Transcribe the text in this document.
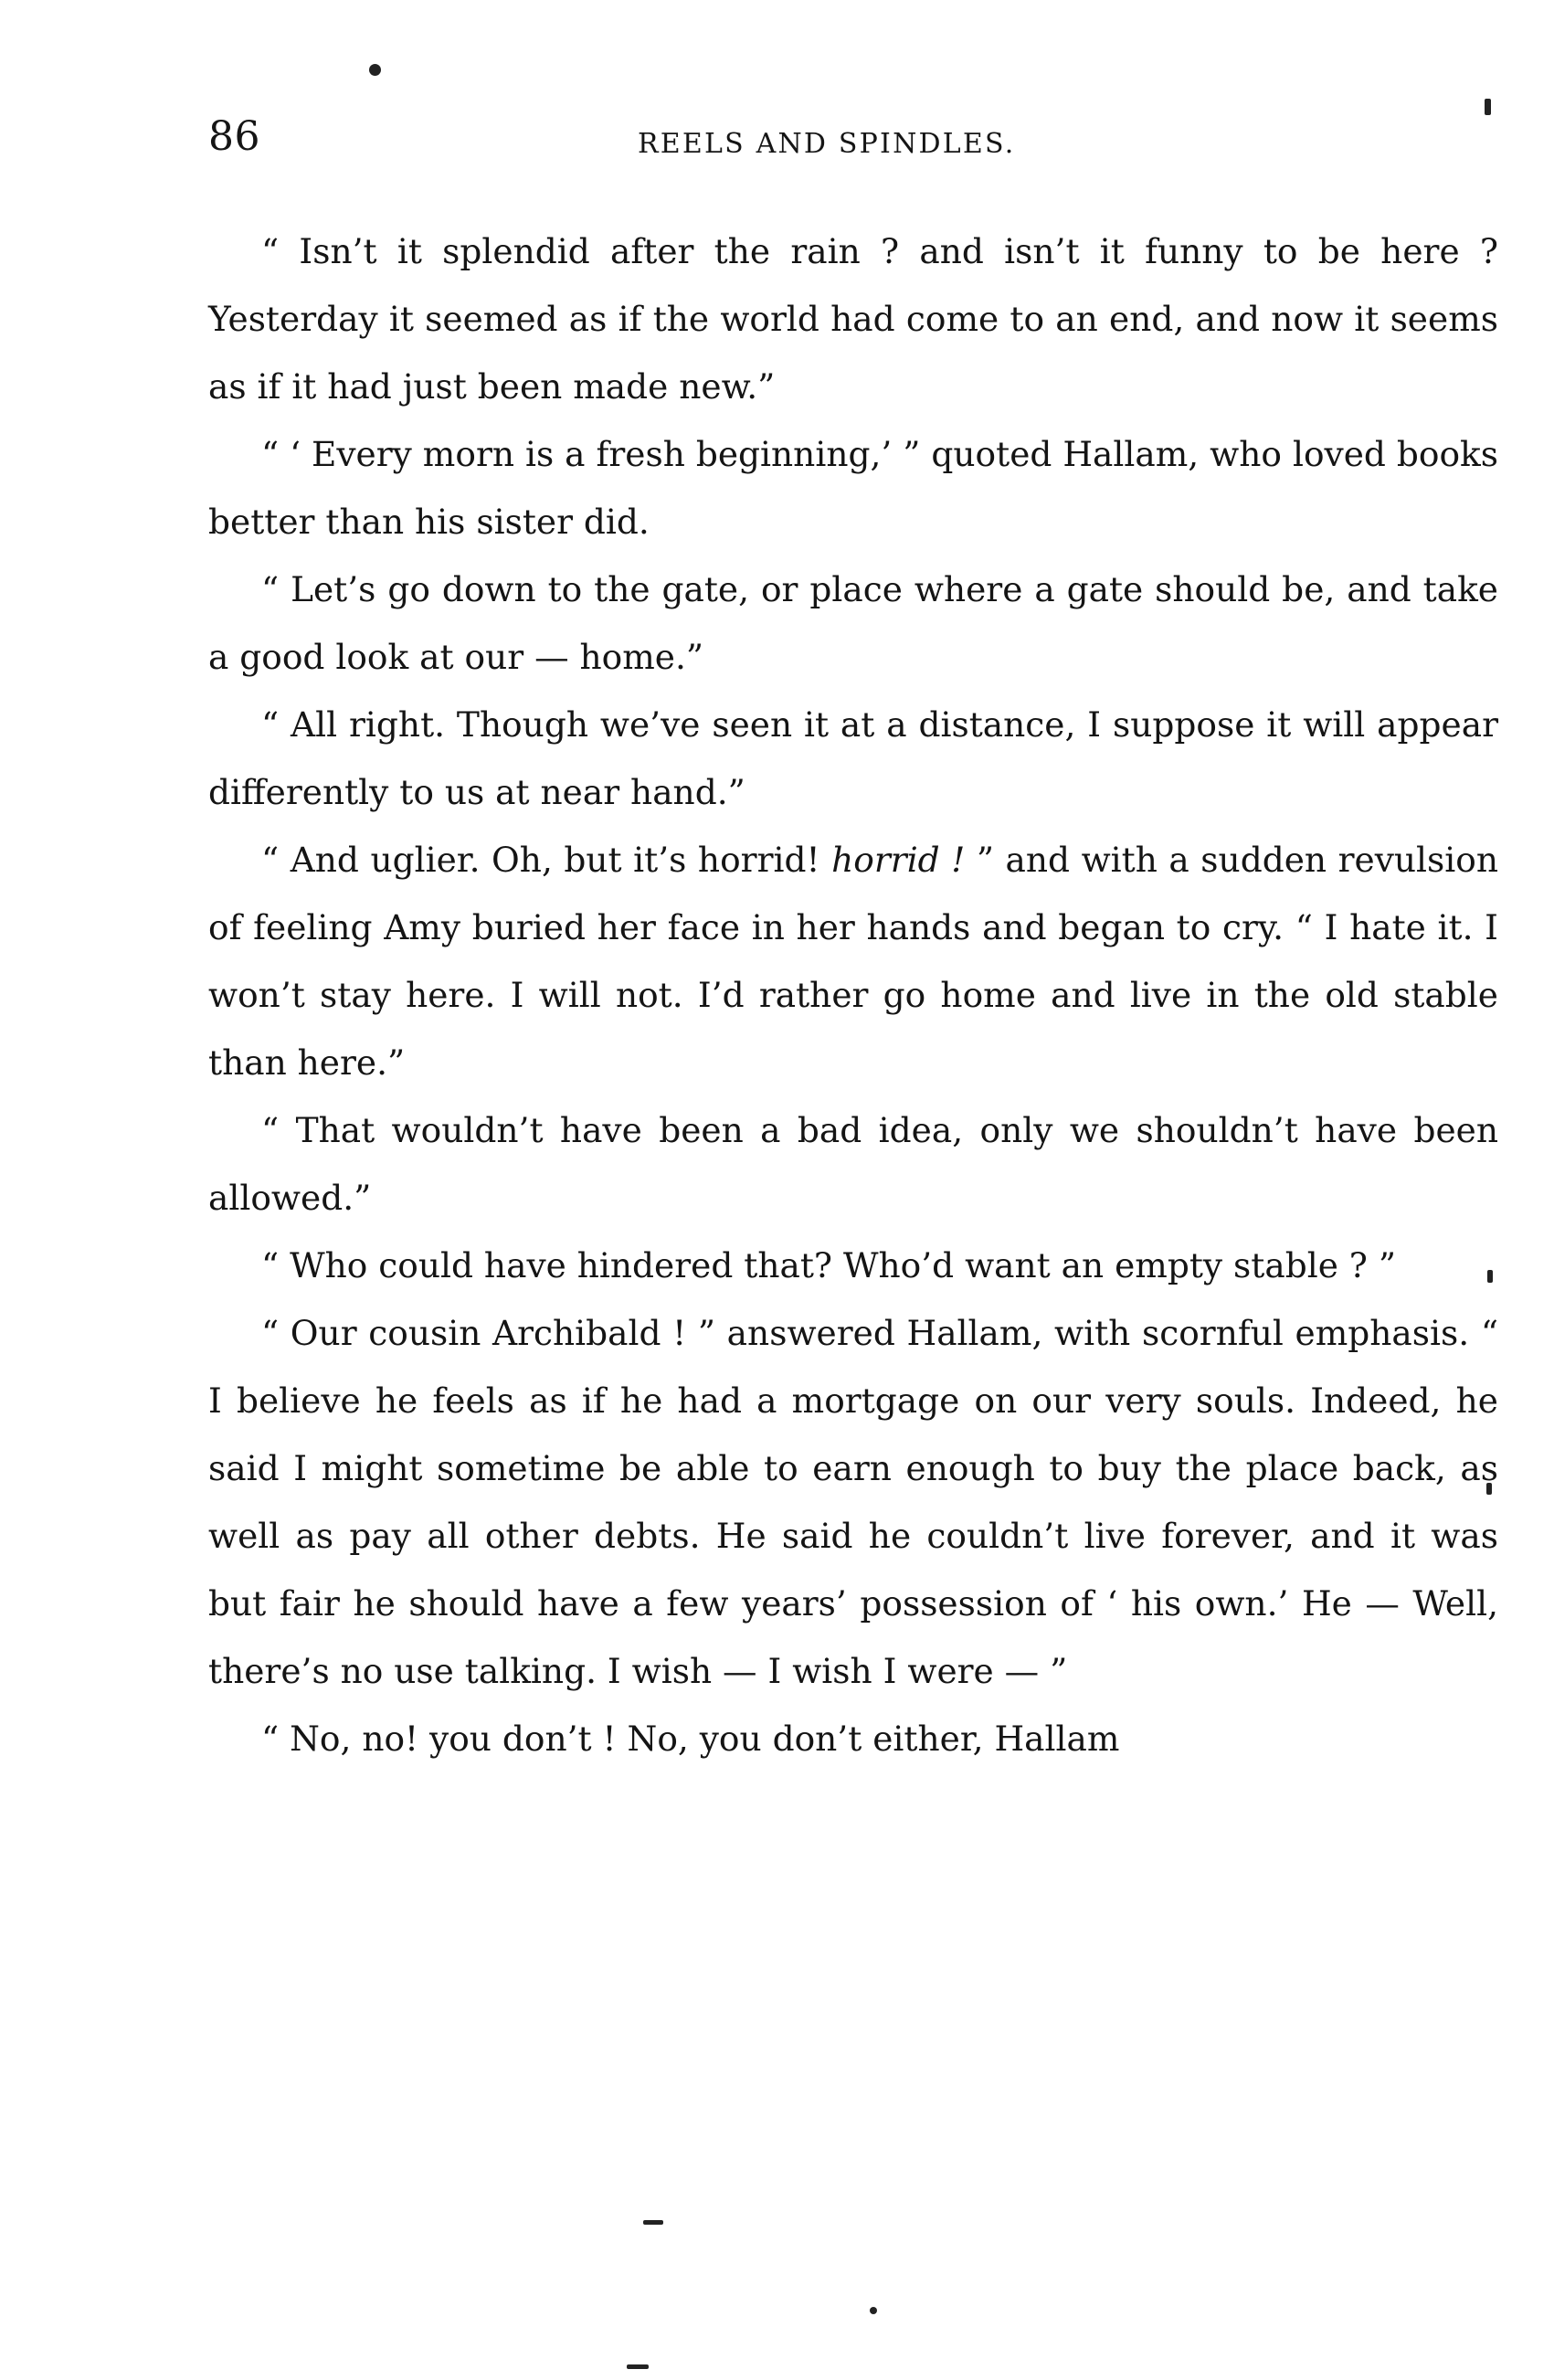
86	REELS AND SPINDLES.

“ Isn’t it splendid after the rain ? and isn’t it funny to be here ? Yesterday it seemed as if the world had come to an end, and now it seems as if it had just been made new.”

“ ‘ Every morn is a fresh beginning,’ ” quoted Hallam, who loved books better than his sister did.

“ Let’s go down to the gate, or place where a gate should be, and take a good look at our — home.”

“ All right. Though we’ve seen it at a distance, I suppose it will appear differently to us at near hand.”

“ And uglier. Oh, but it’s horrid! horrid ! ” and with a sudden revulsion of feeling Amy buried her face in her hands and began to cry. “ I hate it. I won’t stay here. I will not. I’d rather go home and live in the old stable than here.”

“ That wouldn’t have been a bad idea, only we shouldn’t have been allowed.”

“ Who could have hindered that? Who’d want an empty stable ? ”

“ Our cousin Archibald ! ” answered Hallam, with scornful emphasis. “ I believe he feels as if he had a mortgage on our very souls. Indeed, he said I might sometime be able to earn enough to buy the place back, as well as pay all other debts. He said he couldn’t live forever, and it was but fair he should have a few years’ possession of ‘ his own.’ He — Well, there’s no use talking. I wish — I wish I were — ”

“ No, no! you don’t ! No, you don’t either, Hallam
